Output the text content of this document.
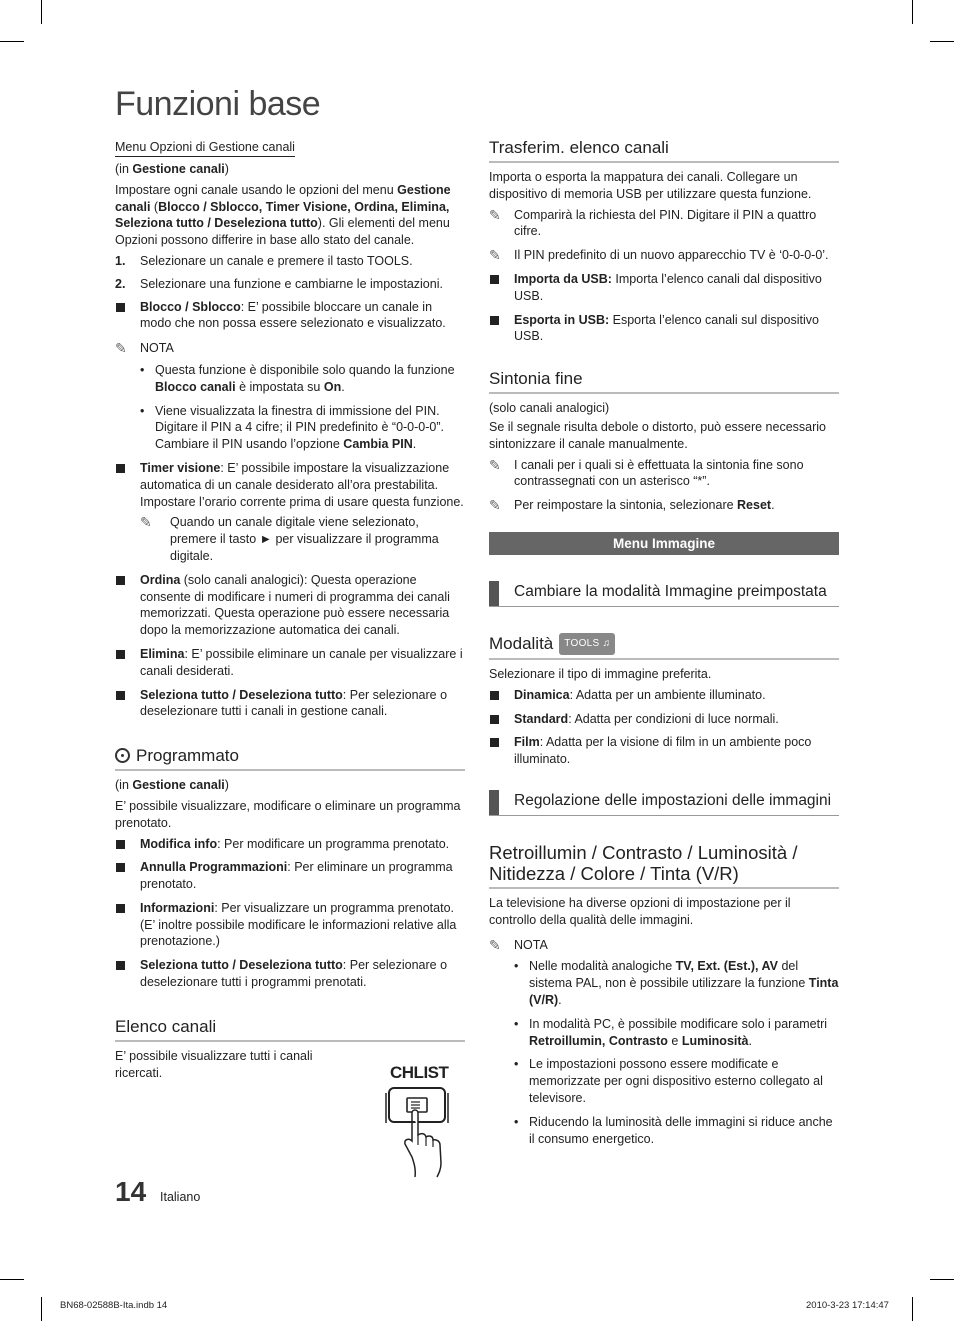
Funzioni base
Menu Opzioni di Gestione canali

(in Gestione canali)

Impostare ogni canale usando le opzioni del menu Gestione canali (Blocco / Sblocco, Timer Visione, Ordina, Elimina, Seleziona tutto / Deseleziona tutto). Gli elementi del menu Opzioni possono differire in base allo stato del canale.

1. Selezionare un canale e premere il tasto TOOLS.
2. Selezionare una funzione e cambiarne le impostazioni.
Blocco / Sblocco: E’ possibile bloccare un canale in modo che non possa essere selezionato e visualizzato.
✎ NOTA
• Questa funzione è disponibile solo quando la funzione Blocco canali è impostata su On.
• Viene visualizzata la finestra di immissione del PIN. Digitare il PIN a 4 cifre; il PIN predefinito è “0-0-0-0”. Cambiare il PIN usando l’opzione Cambia PIN.
Timer visione: E’ possibile impostare la visualizzazione automatica di un canale desiderato all’ora prestabilita. Impostare l’orario corrente prima di usare questa funzione.
✎ Quando un canale digitale viene selezionato, premere il tasto ► per visualizzare il programma digitale.
Ordina (solo canali analogici): Questa operazione consente di modificare i numeri di programma dei canali memorizzati. Questa operazione può essere necessaria dopo la memorizzazione automatica dei canali.
Elimina: E’ possibile eliminare un canale per visualizzare i canali desiderati.
Seleziona tutto / Deseleziona tutto: Per selezionare o deselezionare tutti i canali in gestione canali.
Programmato

(in Gestione canali)

E’ possibile visualizzare, modificare o eliminare un programma prenotato.

Modifica info: Per modificare un programma prenotato.
Annulla Programmazioni: Per eliminare un programma prenotato.
Informazioni: Per visualizzare un programma prenotato. (E’ inoltre possibile modificare le informazioni relative alla prenotazione.)
Seleziona tutto / Deseleziona tutto: Per selezionare o deselezionare tutti i programmi prenotati.
Elenco canali

E’ possibile visualizzare tutti i canali ricercati.	CHLIST
Trasferim. elenco canali

Importa o esporta la mappatura dei canali. Collegare un dispositivo di memoria USB per utilizzare questa funzione.

✎ Comparirà la richiesta del PIN. Digitare il PIN a quattro cifre.
✎ Il PIN predefinito di un nuovo apparecchio TV è ‘0-0-0-0’.
Importa da USB: Importa l’elenco canali dal dispositivo USB.
Esporta in USB: Esporta l’elenco canali sul dispositivo USB.
Sintonia fine

(solo canali analogici)

Se il segnale risulta debole o distorto, può essere necessario sintonizzare il canale manualmente.

✎ I canali per i quali si è effettuata la sintonia fine sono contrassegnati con un asterisco “*”.
✎ Per reimpostare la sintonia, selezionare Reset.
Menu Immagine
Cambiare la modalità Immagine preimpostata
Modalità TOOLS ♫

Selezionare il tipo di immagine preferita.

Dinamica: Adatta per un ambiente illuminato.
Standard: Adatta per condizioni di luce normali.
Film: Adatta per la visione di film in un ambiente poco illuminato.
Regolazione delle impostazioni delle immagini
Retroillumin / Contrasto / Luminosità / Nitidezza / Colore / Tinta (V/R)

La televisione ha diverse opzioni di impostazione per il controllo della qualità delle immagini.

✎ NOTA
• Nelle modalità analogiche TV, Ext. (Est.), AV del sistema PAL, non è possibile utilizzare la funzione Tinta (V/R).
• In modalità PC, è possibile modificare solo i parametri Retroillumin, Contrasto e Luminosità.
• Le impostazioni possono essere modificate e memorizzate per ogni dispositivo esterno collegato al televisore.
• Riducendo la luminosità delle immagini si riduce anche il consumo energetico.
14 Italiano
BN68-02588B-Ita.indb 14	2010-3-23 17:14:47
